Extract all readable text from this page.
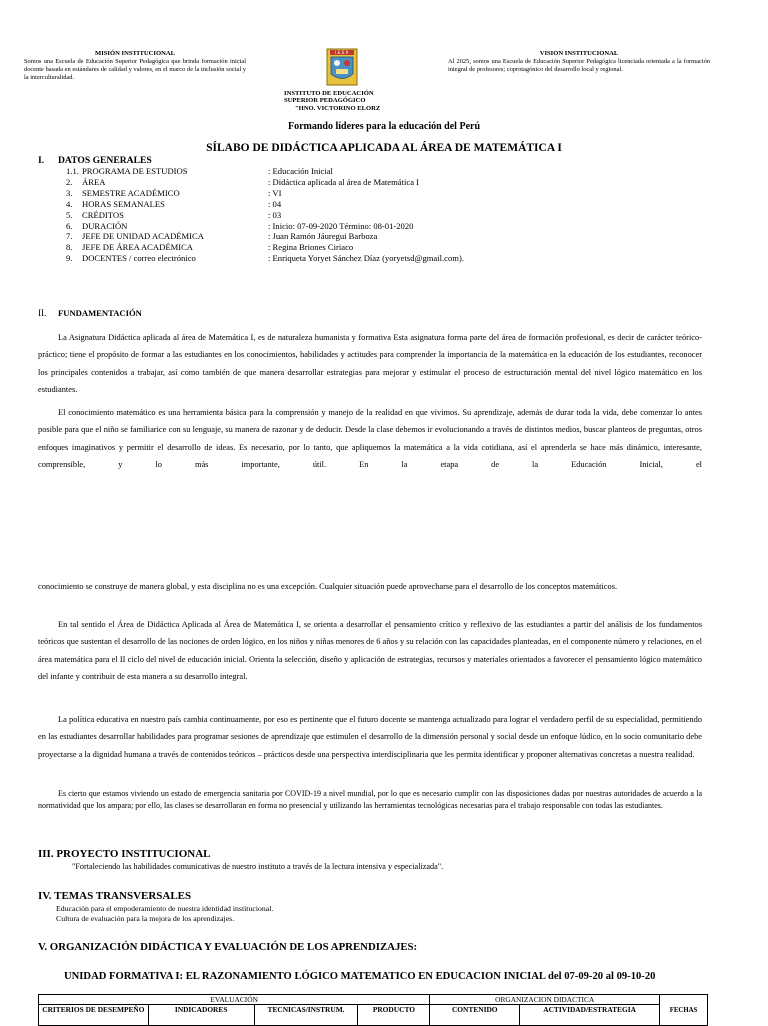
MISIÓN INSTITUCIONAL
Somos una Escuela de Educación Superior Pedagógica que brinda formación inicial docente basada en estándares de calidad y valores, en el marco de la inclusión social y la interculturalidad.
I.E.S.P.	VISIÓN INSTITUCIONAL
Al 2025, somos una Escuela de Educación Superior Pedagógica licenciada orientada a la formación integral de profesores; coprotagónico del desarrollo local y regional.
INSTITUTO DE EDUCACIÓN
SUPERIOR PEDAGÓGICO
"HNO. VICTORINO ELORZ
Formando líderes para la educación del Perú
SÍLABO DE DIDÁCTICA APLICADA AL ÁREA DE MATEMÁTICA I
I. DATOS GENERALES
1.1. PROGRAMA DE ESTUDIOS	: Educación Inicial
2. ÁREA	: Didáctica aplicada al área de Matemática I
3. SEMESTRE ACADÉMICO	: VI
4. HORAS SEMANALES	: 04
5. CRÉDITOS	: 03
6. DURACIÓN	: Inicio: 07-09-2020 Término: 08-01-2020
7. JEFE DE UNIDAD ACADÉMICA	: Juan Ramón Jáuregui Barboza
8. JEFE DE ÁREA ACADÉMICA	: Regina Briones Ciriaco
9. DOCENTES / correo electrónico	: Enriqueta Yoryet Sánchez Díaz (yoryetsd@gmail.com).
II. FUNDAMENTACIÓN
La Asignatura Didáctica aplicada al área de Matemática I, es de naturaleza humanista y formativa Esta asignatura forma parte del área de formación profesional, es decir de carácter teórico-práctico; tiene el propósito de formar a las estudiantes en los conocimientos, habilidades y actitudes para comprender la importancia de la matemática en la educación de los estudiantes, reconocer los principales contenidos a trabajar, así como también de que manera desarrollar estrategias para mejorar y estimular el proceso de estructuración mental del nivel lógico matemático en los estudiantes.
El conocimiento matemático es una herramienta básica para la comprensión y manejo de la realidad en que vivimos. Su aprendizaje, además de durar toda la vida, debe comenzar lo antes posible para que el niño se familiarice con su lenguaje, su manera de razonar y de deducir. Desde la clase debemos ir evolucionando a través de distintos medios, buscar planteos de preguntas, otros enfoques imaginativos y permitir el desarrollo de ideas. Es necesario, por lo tanto, que apliquemos la matemática a la vida cotidiana, así el aprenderla se hace más dinámico, interesante, comprensible, y lo más importante, útil. En la etapa de la Educación Inicial, el
conocimiento se construye de manera global, y esta disciplina no es una excepción. Cualquier situación puede aprovecharse para el desarrollo de los conceptos matemáticos.
En tal sentido el Área de Didáctica Aplicada al Área de Matemática I, se orienta a desarrollar el pensamiento crítico y reflexivo de las estudiantes a partir del análisis de los fundamentos teóricos que sustentan el desarrollo de las nociones de orden lógico, en los niños y niñas menores de 6 años y su relación con las capacidades planteadas, en el componente número y relaciones, en el área matemática para el II ciclo del nivel de educación inicial. Orienta la selección, diseño y aplicación de estrategias, recursos y materiales orientados a favorecer el pensamiento lógico matemático del infante y contribuir de esta manera a su desarrollo integral.
La política educativa en nuestro país cambia continuamente, por eso es pertinente que el futuro docente se mantenga actualizado para lograr el verdadero perfil de su especialidad, permitiendo en las estudiantes desarrollar habilidades para programar sesiones de aprendizaje que estimulen el desarrollo de la dimensión personal y social desde un enfoque lúdico, en lo socio comunitario debe proyectarse a la dignidad humana a través de contenidos teóricos – prácticos desde una perspectiva interdisciplinaria que les permita identificar y proponer alternativas concretas a nuestra realidad.
Es cierto que estamos viviendo un estado de emergencia sanitaria por COVID-19 a nivel mundial, por lo que es necesario cumplir con las disposiciones dadas por nuestras autoridades de acuerdo a la normatividad que los ampara; por ello, las clases se desarrollaran en forma no presencial y utilizando las herramientas tecnológicas necesarias para el trabajo responsable con todas las estudiantes.
III. PROYECTO INSTITUCIONAL
"Fortaleciendo las habilidades comunicativas de nuestro instituto a través de la lectura intensiva y especializada".
IV. TEMAS TRANSVERSALES
Educación para el empoderamiento de nuestra identidad institucional.
Cultura de evaluación para la mejora de los aprendizajes.
V. ORGANIZACIÓN DIDÁCTICA Y EVALUACIÓN DE LOS APRENDIZAJES:
UNIDAD FORMATIVA I: EL RAZONAMIENTO LÓGICO MATEMATICO EN EDUCACION INICIAL del 07-09-20 al 09-10-20
EVALUACIÓN				ORGANIZACION DIDACTICA		FECHAS
CRITERIOS DE DESEMPEÑO	INDICADORES	TECNICAS/INSTRUM.	PRODUCTO	CONTENIDO	ACTIVIDAD/ESTRATEGIA	
